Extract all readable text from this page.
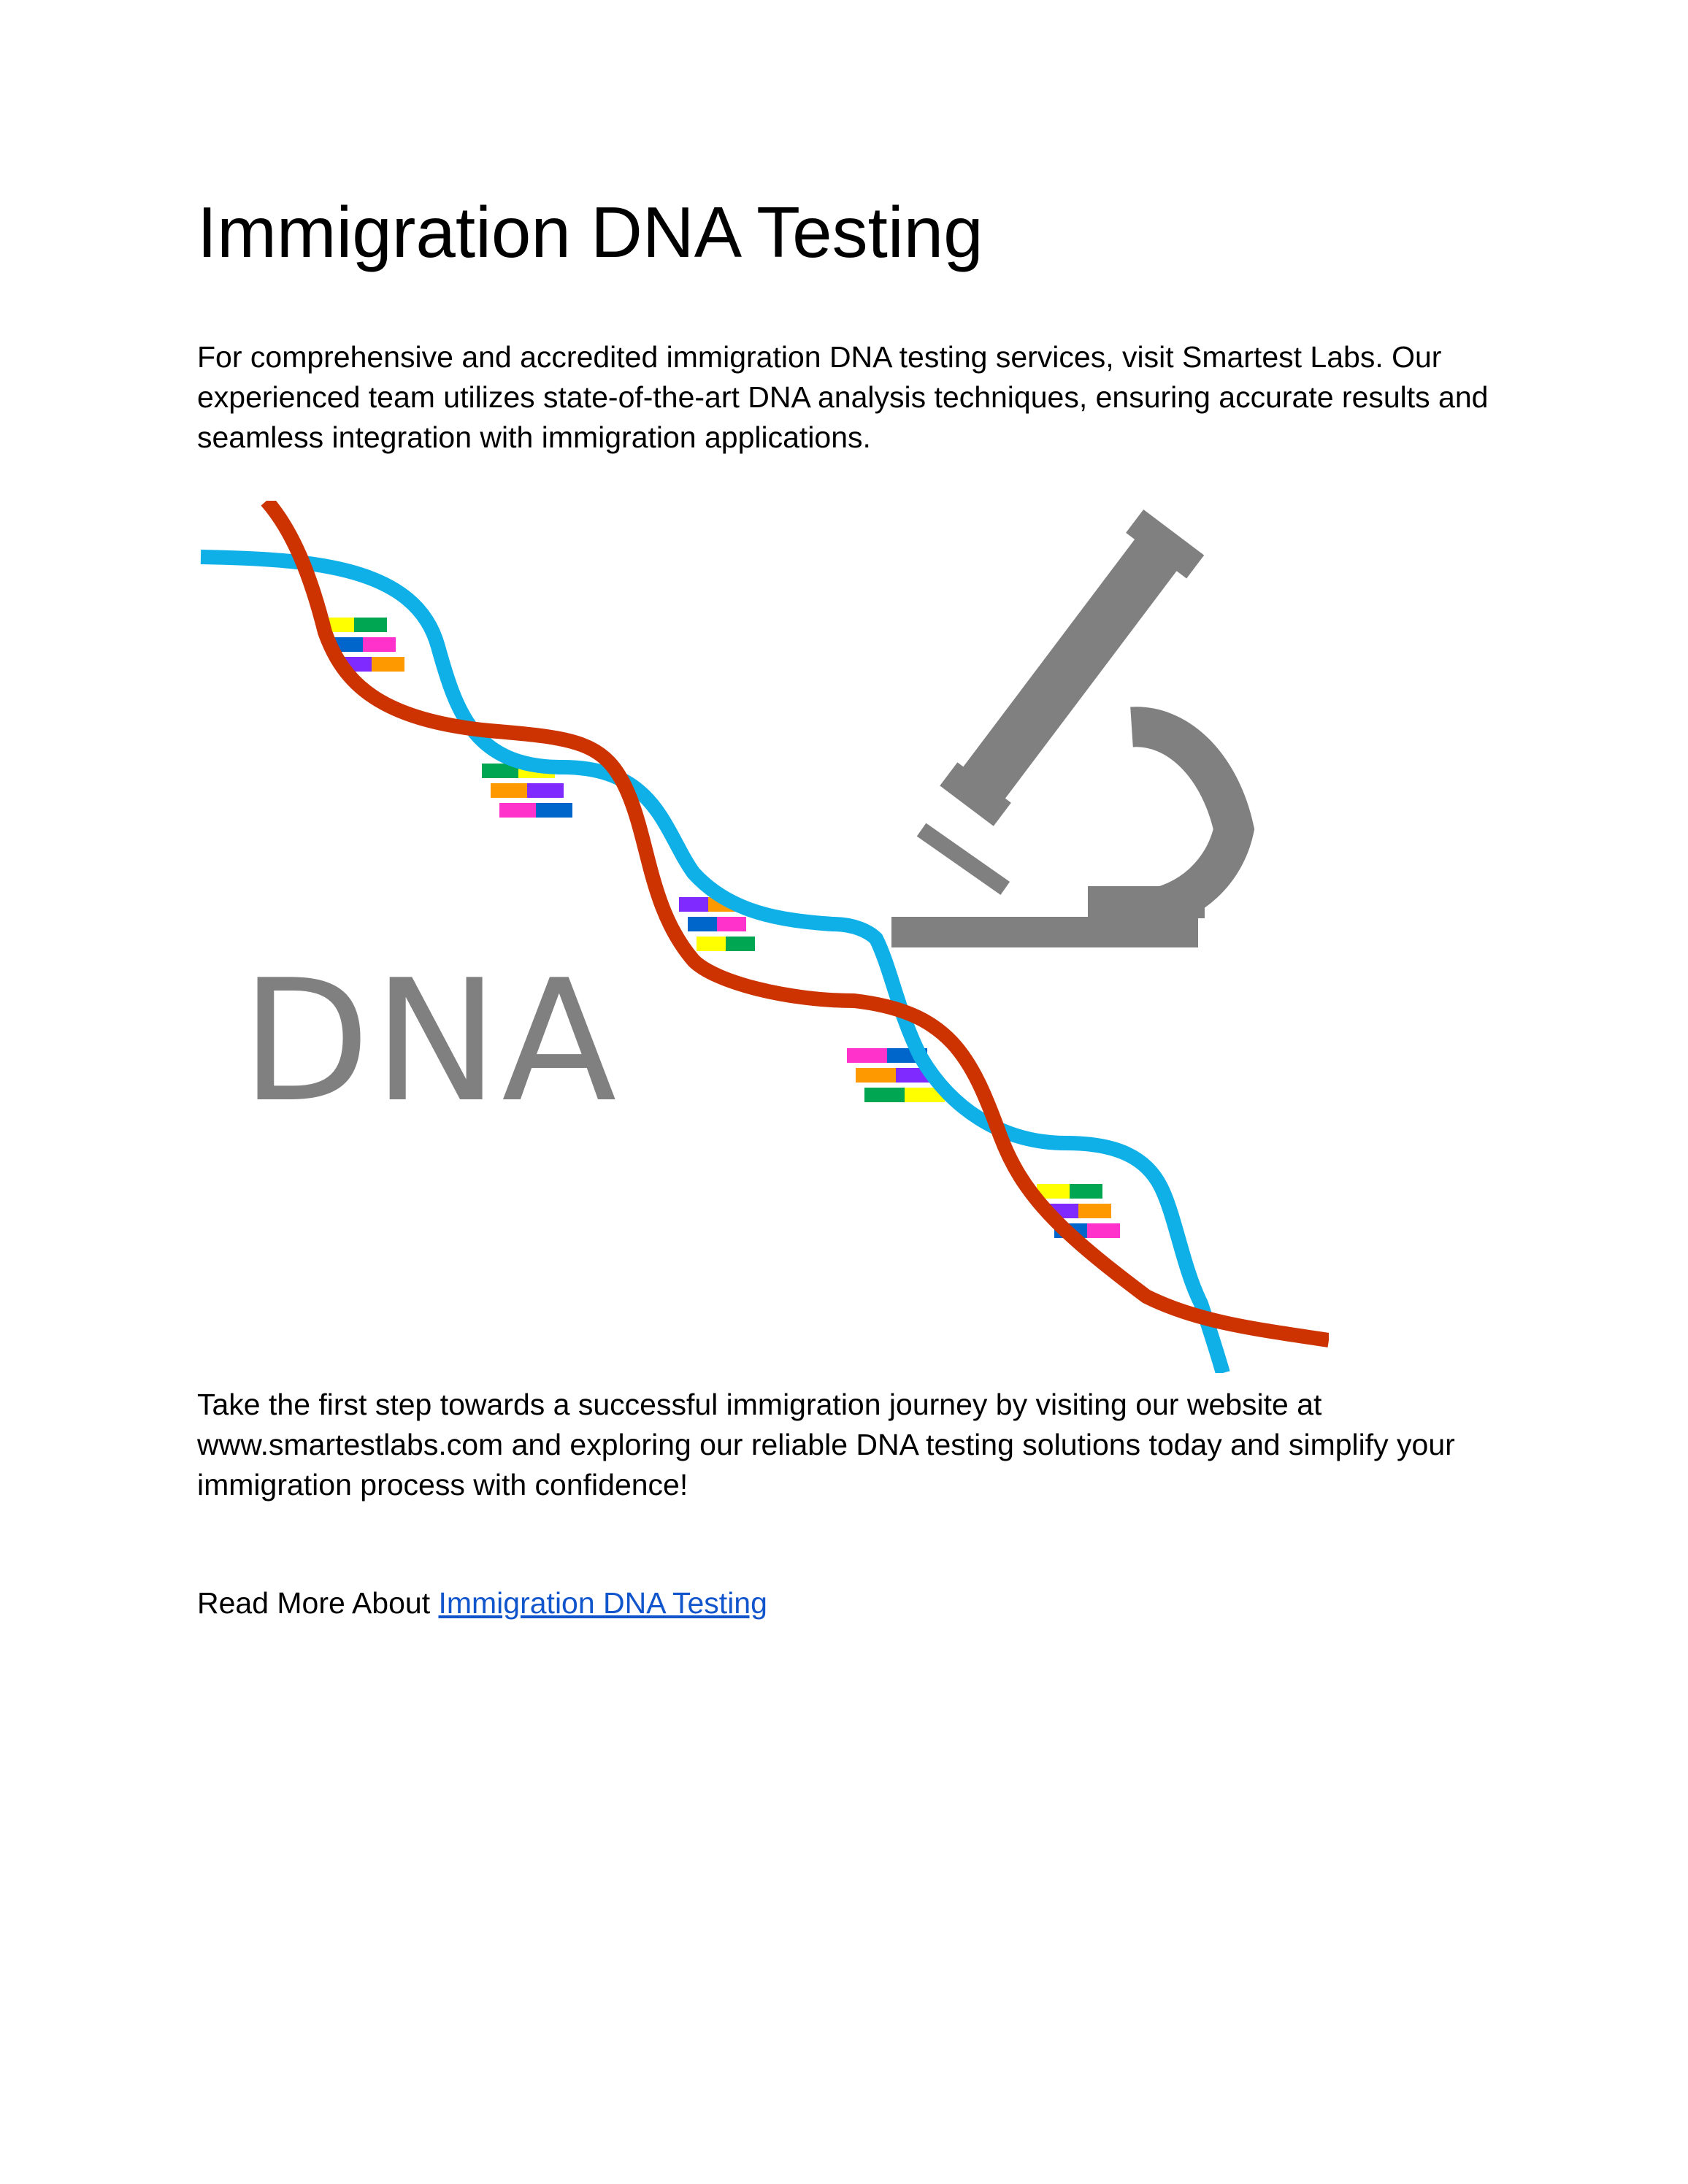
Immigration DNA Testing

For comprehensive and accredited immigration DNA testing services, visit Smartest Labs. Our experienced team utilizes state-of-the-art DNA analysis techniques, ensuring accurate results and seamless integration with immigration applications.

DNA

Take the first step towards a successful immigration journey by visiting our website at www.smartestlabs.com and exploring our reliable DNA testing solutions today and simplify your immigration process with confidence!

Read More About Immigration DNA Testing
